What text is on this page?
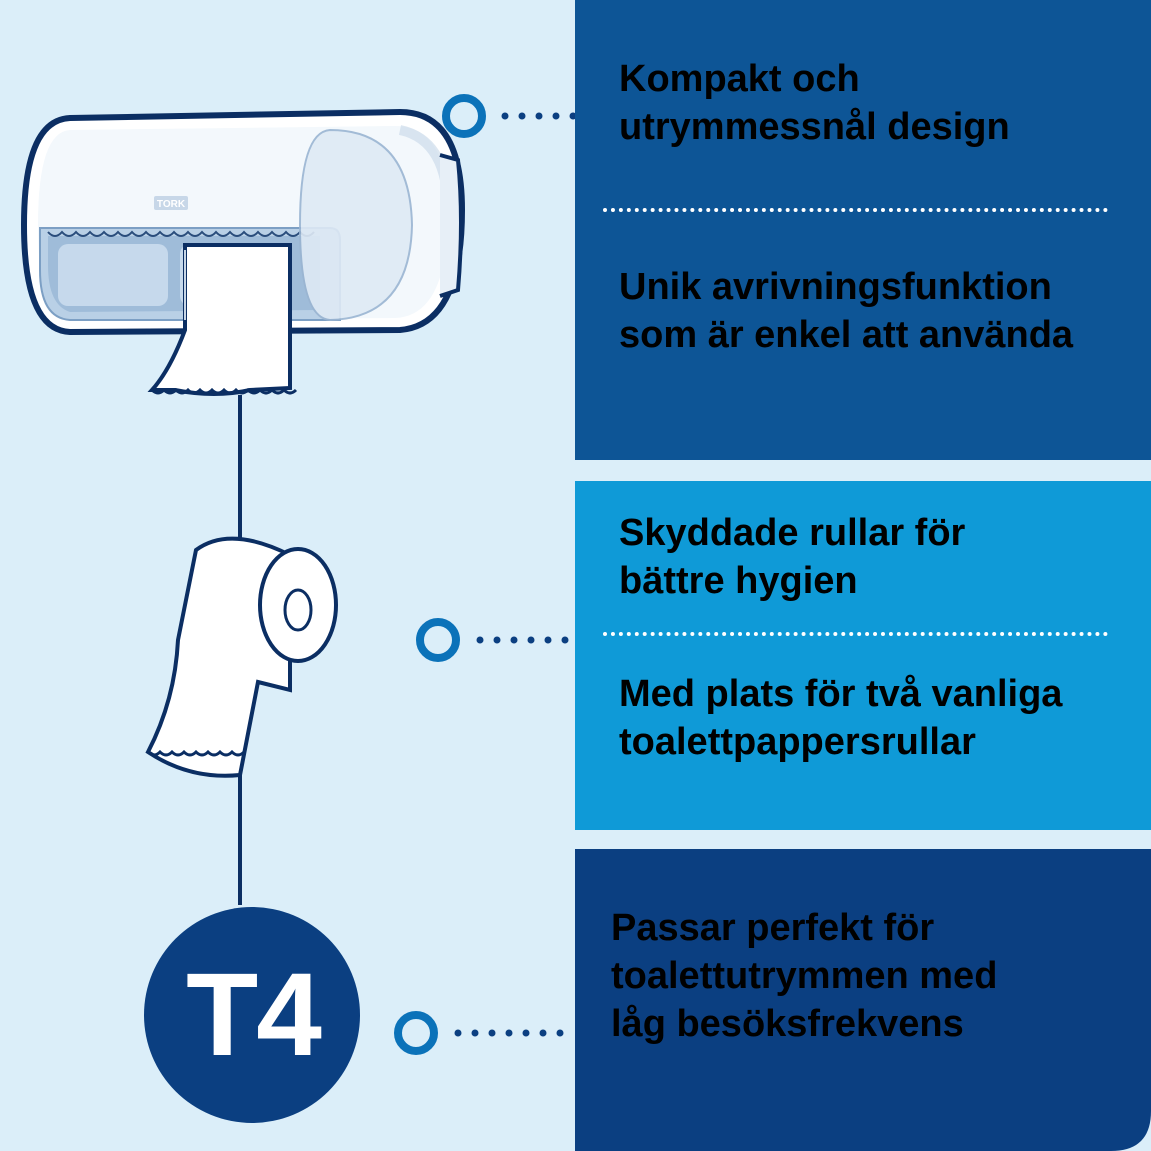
Kompakt och
utrymmessnål design

Unik avrivningsfunktion
som är enkel att använda

Skyddade rullar för
bättre hygien

Med plats för två vanliga
toalettpappersrullar

Passar perfekt för
toalettutrymmen med
låg besöksfrekvens

TORK
T4
